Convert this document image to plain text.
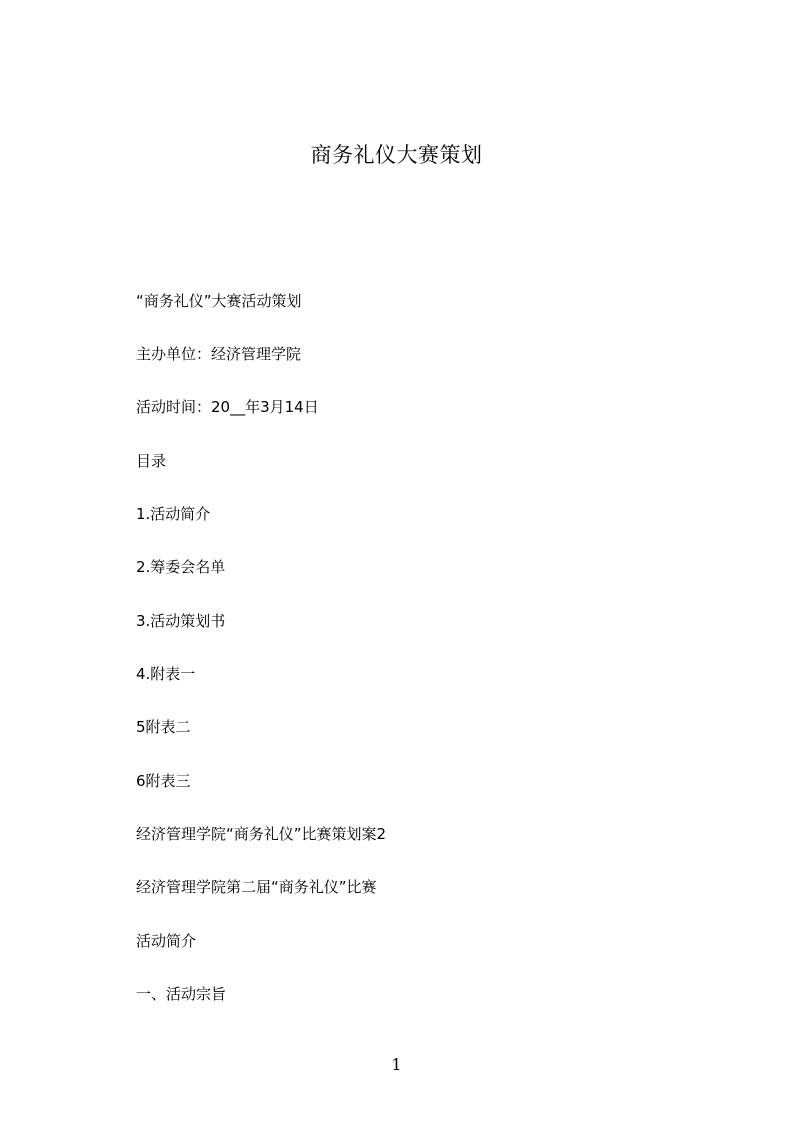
商务礼仪大赛策划
“商务礼仪”大赛活动策划
主办单位：经济管理学院
活动时间：20__年3月14日
目录
1.活动简介
2.筹委会名单
3.活动策划书
4.附表一
5附表二
6附表三
经济管理学院“商务礼仪”比赛策划案2
经济管理学院第二届“商务礼仪”比赛
活动简介
一、活动宗旨
1
